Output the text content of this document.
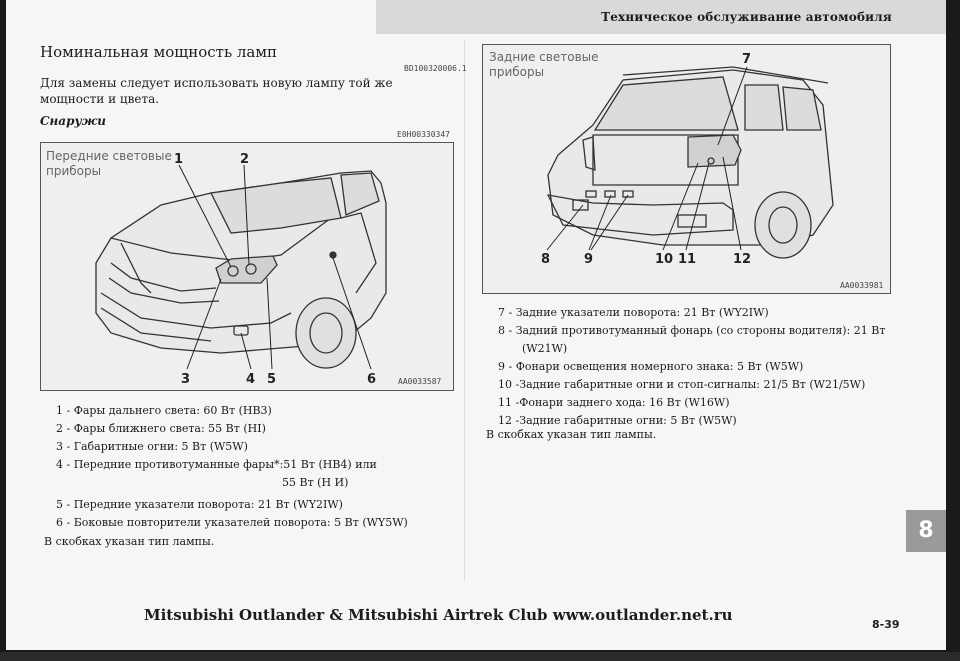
Техническое обслуживание автомобиля
Номинальная мощность ламп
BD100320006.1
Для замены следует использовать новую лампу той же мощности и цвета.
Снаружи
E0H00330347
Передние световые приборы
1	2
3	4 5	6	AA0033587
1 - Фары дальнего света: 60 Вт (НВ3)
2 - Фары ближнего света: 55 Вт (HI)
3 - Габаритные огни: 5 Вт (W5W)
4 - Передние противотуманные фары*:51 Вт (НВ4) или
55 Вт (Н И)
5 - Передние указатели поворота: 21 Вт (WY2IW)
6 - Боковые повторители указателей поворота: 5 Вт (WY5W)
В скобках указан тип лампы.
Задние световые приборы
7
8	9	10 11	12
AA0033981
7 - Задние указатели поворота: 21 Вт (WY2IW)
8 - Задний противотуманный фонарь (со стороны водителя): 21 Вт
(W21W)
9 - Фонари освещения номерного знака: 5 Вт (W5W)
10 -Задние габаритные огни и стоп-сигналы: 21/5 Вт (W21/5W)
11 -Фонари заднего хода: 16 Вт (W16W)
12 -Задние габаритные огни: 5 Вт (W5W)
В скобках указан тип лампы.
8
Mitsubishi Outlander & Mitsubishi Airtrek Club www.outlander.net.ru
8-39
